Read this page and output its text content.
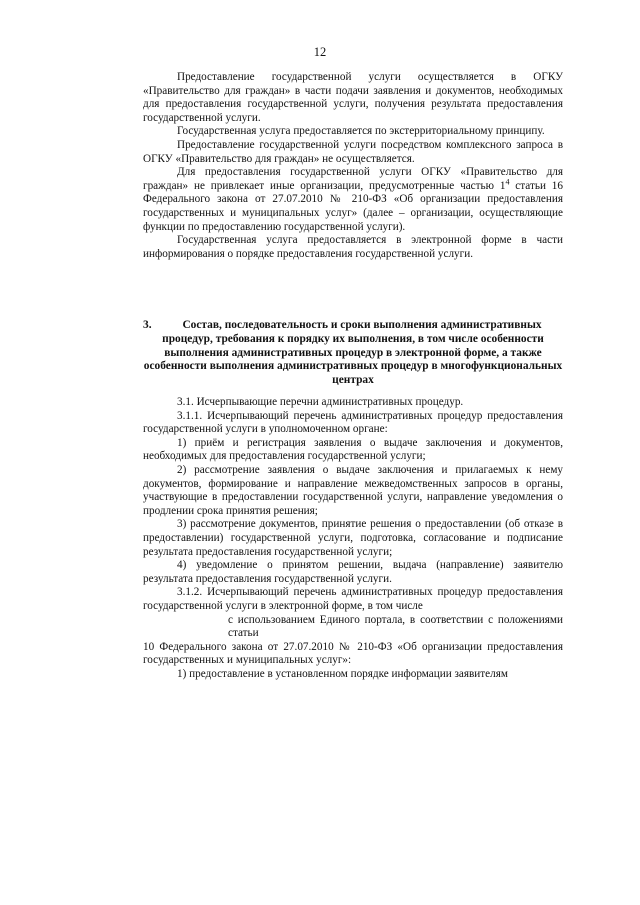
12

Предоставление государственной услуги осуществляется в ОГКУ «Правительство для граждан» в части подачи заявления и документов, необходимых для предоставления государственной услуги, получения результата предоставления государственной услуги.

Государственная услуга предоставляется по экстерриториальному принципу.

Предоставление государственной услуги посредством комплексного запроса в ОГКУ «Правительство для граждан» не осуществляется.

Для предоставления государственной услуги ОГКУ «Правительство для граждан» не привлекает иные организации, предусмотренные частью $1^4$ статьи 16 Федерального закона от 27.07.2010 № 210-ФЗ «Об организации предоставления государственных и муниципальных услуг» (далее – организации, осуществляющие функции по предоставлению государственной услуги).

Государственная услуга предоставляется в электронной форме в части информирования о порядке предоставления государственной услуги.

3.	Состав, последовательность и сроки выполнения административных процедур, требования к порядку их выполнения, в том числе особенности выполнения административных процедур в электронной форме, а также особенности выполнения административных процедур в многофункциональных центрах

3.1. Исчерпывающие перечни административных процедур.

3.1.1. Исчерпывающий перечень административных процедур предоставления государственной услуги в уполномоченном органе:

1) приём и регистрация заявления о выдаче заключения и документов, необходимых для предоставления государственной услуги;

2) рассмотрение заявления о выдаче заключения и прилагаемых к нему документов, формирование и направление межведомственных запросов в органы, участвующие в предоставлении государственной услуги, направление уведомления о продлении срока принятия решения;

3) рассмотрение документов, принятие решения о предоставлении (об отказе в предоставлении) государственной услуги, подготовка, согласование и подписание результата предоставления государственной услуги;

4) уведомление о принятом решении, выдача (направление) заявителю результата предоставления государственной услуги.

3.1.2. Исчерпывающий перечень административных процедур предоставления государственной услуги в электронной форме, в том числе

с использованием Единого портала, в соответствии с положениями статьи

10 Федерального закона от 27.07.2010 № 210-ФЗ «Об организации предоставления государственных и муниципальных услуг»:

1) предоставление в установленном порядке информации заявителям
